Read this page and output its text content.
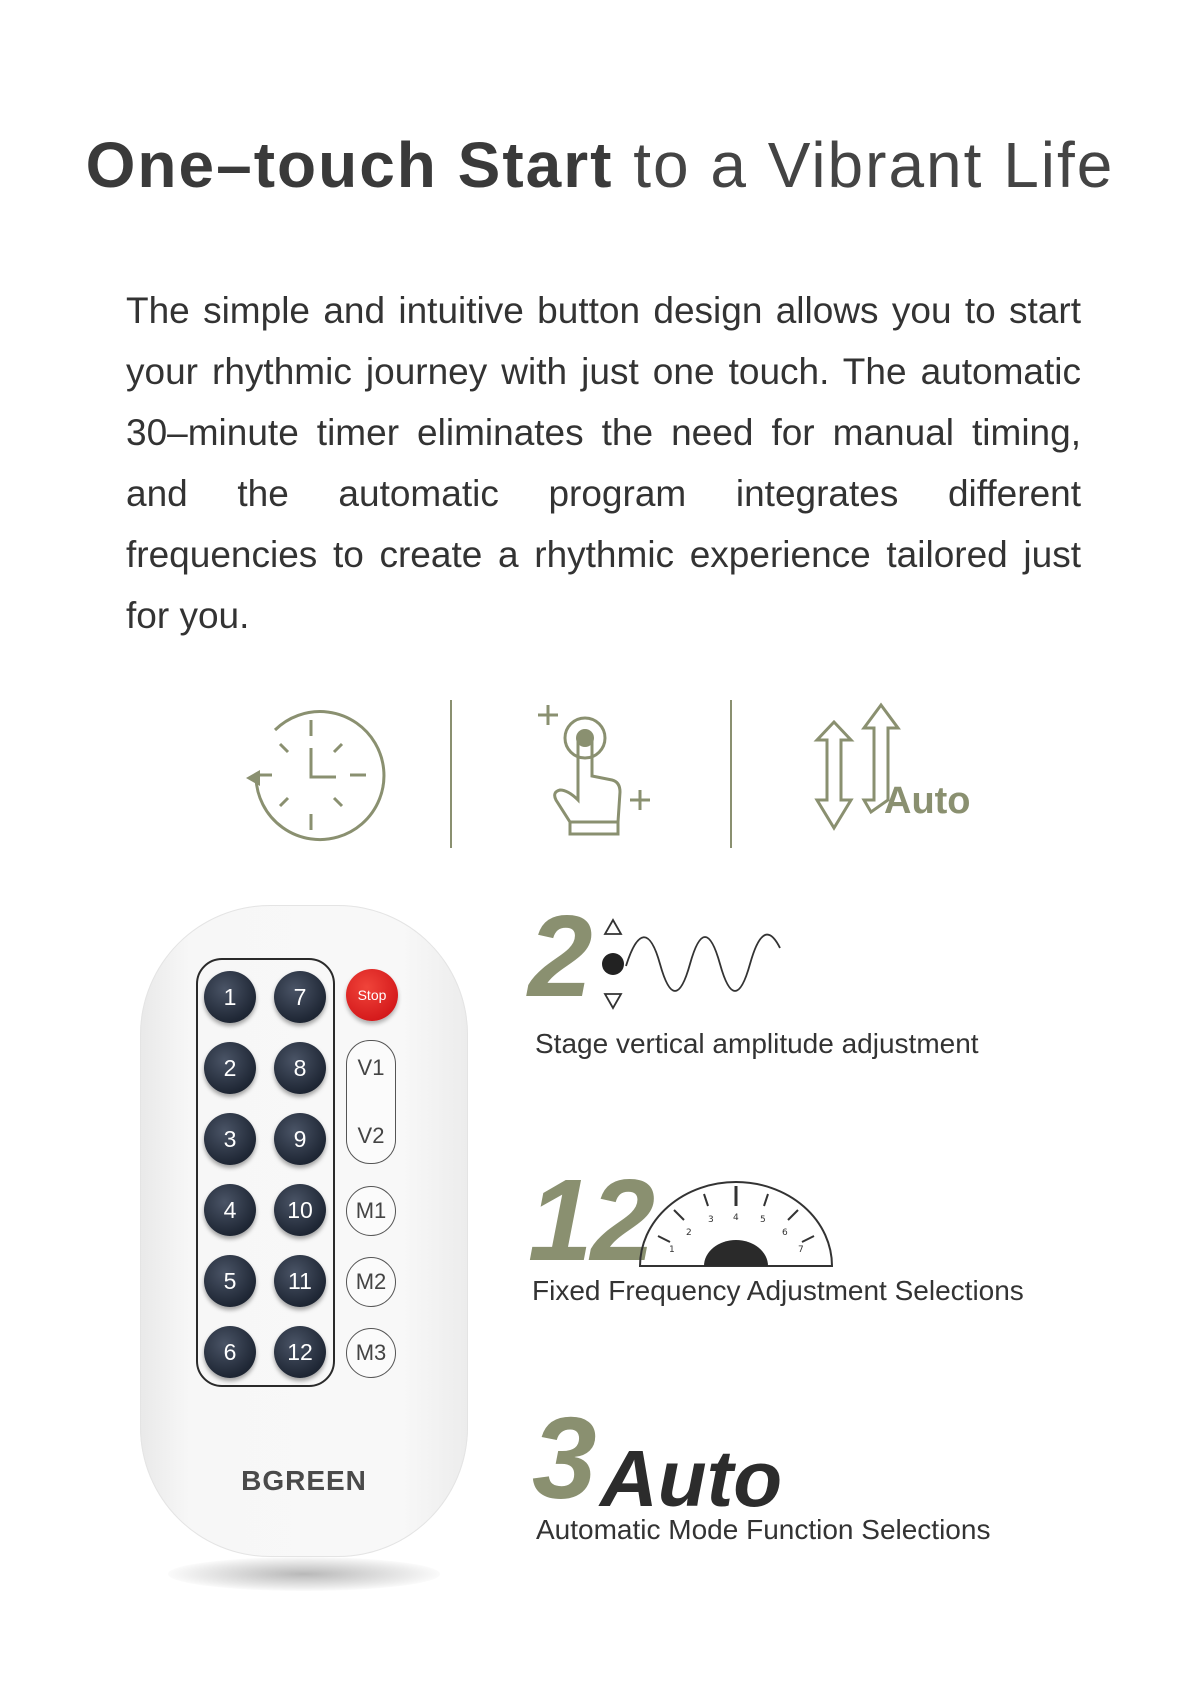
One–touch Start to a Vibrant Life

The simple and intuitive button design allows you to start your rhythmic journey with just one touch. The automatic 30–minute timer eliminates the need for manual timing, and the automatic program integrates different frequencies to create a rhythmic experience tailored just for you.

Auto
1
2
3
4
5
6
7
8
9
10
11
12
Stop
V1
V2
M1
M2
M3
BGREEN
2
Stage vertical amplitude adjustment
12 1
2
3 4 5
6
7
Fixed Frequency Adjustment Selections
3 Auto
Automatic Mode Function Selections
